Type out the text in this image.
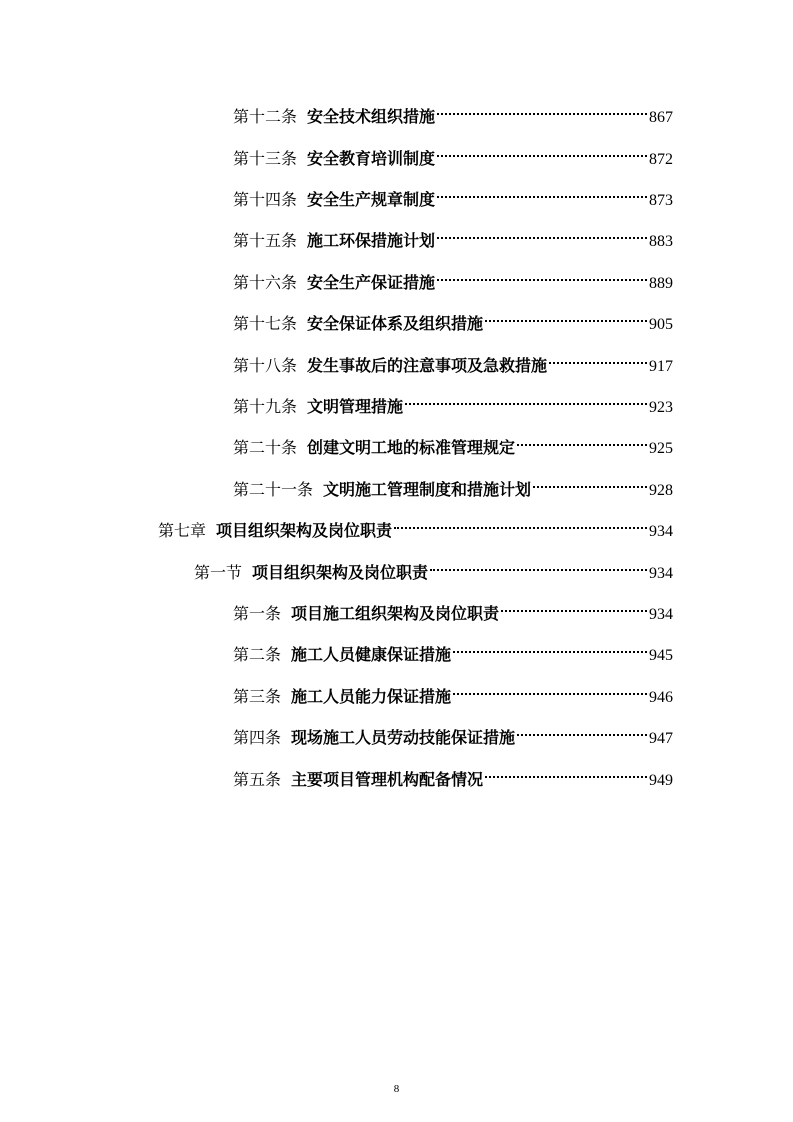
第十二条 安全技术组织措施	867
第十三条 安全教育培训制度	872
第十四条 安全生产规章制度	873
第十五条 施工环保措施计划	883
第十六条 安全生产保证措施	889
第十七条 安全保证体系及组织措施	905
第十八条 发生事故后的注意事项及急救措施	917
第十九条 文明管理措施	923
第二十条 创建文明工地的标准管理规定	925
第二十一条 文明施工管理制度和措施计划	928
第七章 项目组织架构及岗位职责	934
第一节 项目组织架构及岗位职责	934
第一条 项目施工组织架构及岗位职责	934
第二条 施工人员健康保证措施	945
第三条 施工人员能力保证措施	946
第四条 现场施工人员劳动技能保证措施	947
第五条 主要项目管理机构配备情况	949
8
